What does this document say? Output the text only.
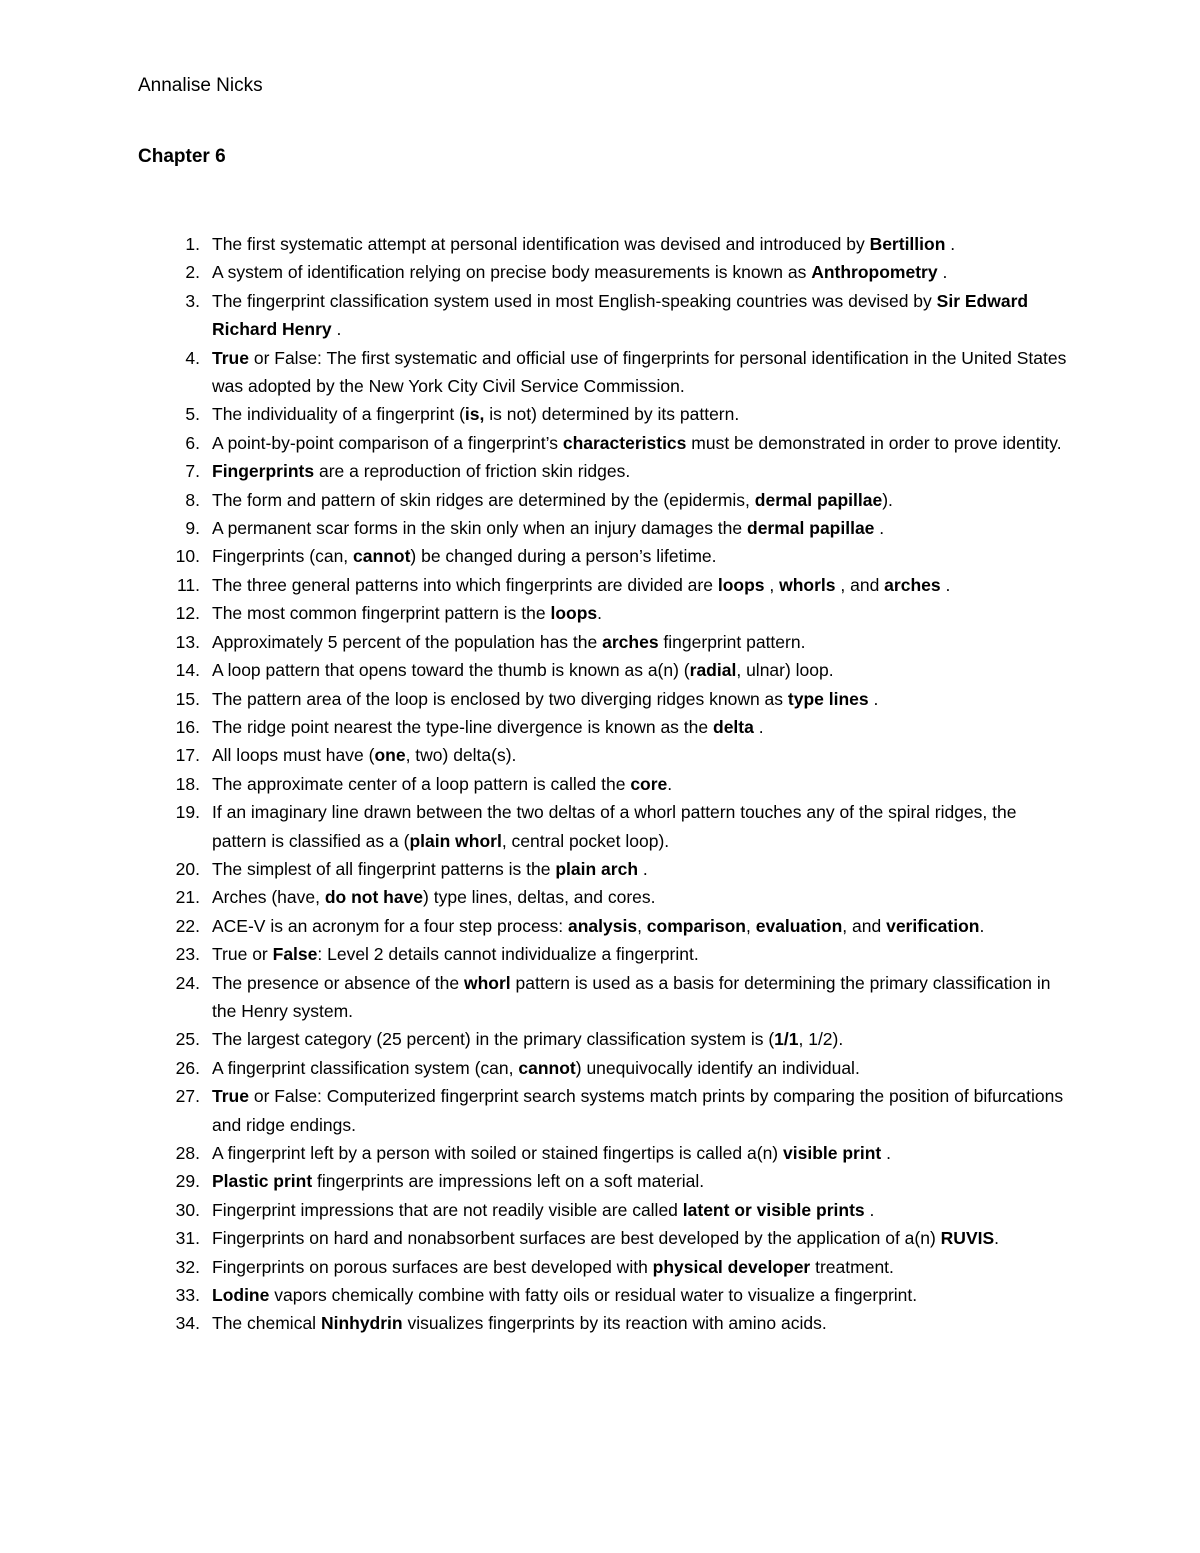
Annalise Nicks
Chapter 6
1. The first systematic attempt at personal identification was devised and introduced by Bertillion .
2. A system of identification relying on precise body measurements is known as Anthropometry .
3. The fingerprint classification system used in most English-speaking countries was devised by Sir Edward Richard Henry .
4. True or False: The first systematic and official use of fingerprints for personal identification in the United States was adopted by the New York City Civil Service Commission.
5. The individuality of a fingerprint (is, is not) determined by its pattern.
6. A point-by-point comparison of a fingerprint’s characteristics must be demonstrated in order to prove identity.
7. Fingerprints are a reproduction of friction skin ridges.
8. The form and pattern of skin ridges are determined by the (epidermis, dermal papillae).
9. A permanent scar forms in the skin only when an injury damages the dermal papillae .
10. Fingerprints (can, cannot) be changed during a person’s lifetime.
11. The three general patterns into which fingerprints are divided are loops , whorls , and arches .
12. The most common fingerprint pattern is the loops.
13. Approximately 5 percent of the population has the arches fingerprint pattern.
14. A loop pattern that opens toward the thumb is known as a(n) (radial, ulnar) loop.
15. The pattern area of the loop is enclosed by two diverging ridges known as type lines .
16. The ridge point nearest the type-line divergence is known as the delta .
17. All loops must have (one, two) delta(s).
18. The approximate center of a loop pattern is called the core.
19. If an imaginary line drawn between the two deltas of a whorl pattern touches any of the spiral ridges, the pattern is classified as a (plain whorl, central pocket loop).
20. The simplest of all fingerprint patterns is the plain arch .
21. Arches (have, do not have) type lines, deltas, and cores.
22. ACE-V is an acronym for a four step process: analysis, comparison, evaluation, and verification.
23. True or False: Level 2 details cannot individualize a fingerprint.
24. The presence or absence of the whorl pattern is used as a basis for determining the primary classification in the Henry system.
25. The largest category (25 percent) in the primary classification system is (1/1, 1/2).
26. A fingerprint classification system (can, cannot) unequivocally identify an individual.
27. True or False: Computerized fingerprint search systems match prints by comparing the position of bifurcations and ridge endings.
28. A fingerprint left by a person with soiled or stained fingertips is called a(n) visible print .
29. Plastic print fingerprints are impressions left on a soft material.
30. Fingerprint impressions that are not readily visible are called latent or visible prints .
31. Fingerprints on hard and nonabsorbent surfaces are best developed by the application of a(n) RUVIS.
32. Fingerprints on porous surfaces are best developed with physical developer treatment.
33. Lodine vapors chemically combine with fatty oils or residual water to visualize a fingerprint.
34. The chemical Ninhydrin visualizes fingerprints by its reaction with amino acids.
